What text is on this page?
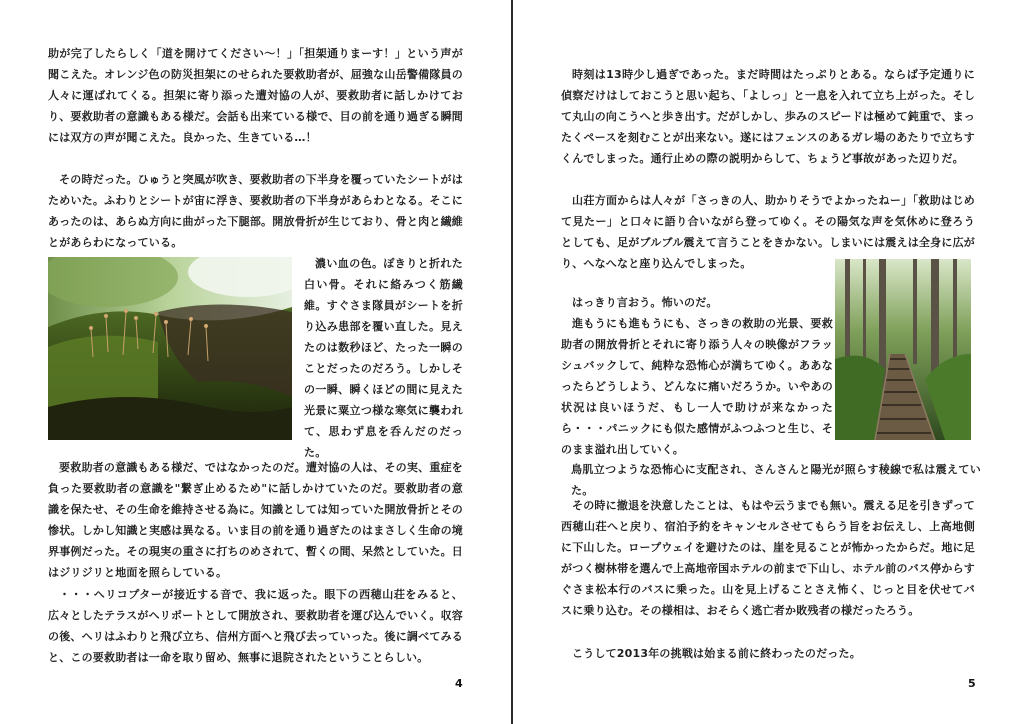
助が完了したらしく「道を開けてください〜！」「担架通りまーす！」という声が聞こえた。オレンジ色の防災担架にのせられた要救助者が、屈強な山岳警備隊員の人々に運ばれてくる。担架に寄り添った遭対協の人が、要救助者に話しかけており、要救助者の意識もある様だ。会話も出来ている様で、目の前を通り過ぎる瞬間には双方の声が聞こえた。良かった、生きている…！

その時だった。ひゅうと突風が吹き、要救助者の下半身を覆っていたシートがはためいた。ふわりとシートが宙に浮き、要救助者の下半身があらわとなる。そこにあったのは、あらぬ方向に曲がった下腿部。開放骨折が生じており、骨と肉と繊維とがあらわになっている。

濃い血の色。ぽきりと折れた白い骨。それに絡みつく筋繊維。すぐさま隊員がシートを折り込み患部を覆い直した。見えたのは数秒ほど、たった一瞬のことだったのだろう。しかしその一瞬、瞬くほどの間に見えた光景に粟立つ様な寒気に襲われて、思わず息を呑んだのだった。

要救助者の意識もある様だ、ではなかったのだ。遭対協の人は、その実、重症を負った要救助者の意識を"繋ぎ止めるため"に話しかけていたのだ。要救助者の意識を保たせ、その生命を維持させる為に。知識としては知っていた開放骨折とその惨状。しかし知識と実感は異なる。いま目の前を通り過ぎたのはまさしく生命の境界事例だった。その現実の重さに打ちのめされて、暫くの間、呆然としていた。日はジリジリと地面を照らしている。

・・・ヘリコプターが接近する音で、我に返った。眼下の西穂山荘をみると、広々としたテラスがヘリポートとして開放され、要救助者を運び込んでいく。収容の後、ヘリはふわりと飛び立ち、信州方面へと飛び去っていった。後に調べてみると、この要救助者は一命を取り留め、無事に退院されたということらしい。

4

時刻は13時少し過ぎであった。まだ時間はたっぷりとある。ならば予定通りに偵察だけはしておこうと思い起ち、「よしっ」と一息を入れて立ち上がった。そして丸山の向こうへと歩き出す。だがしかし、歩みのスピードは極めて鈍重で、まったくペースを刻むことが出来ない。遂にはフェンスのあるガレ場のあたりで立ちすくんでしまった。通行止めの際の説明からして、ちょうど事故があった辺りだ。

山荘方面からは人々が「さっきの人、助かりそうでよかったねー」「救助はじめて見たー」と口々に語り合いながら登ってゆく。その陽気な声を気休めに登ろうとしても、足がブルブル震えて言うことをきかない。しまいには震えは全身に広がり、へなへなと座り込んでしまった。

はっきり言おう。怖いのだ。

進もうにも進もうにも、さっきの救助の光景、要救助者の開放骨折とそれに寄り添う人々の映像がフラッシュバックして、純粋な恐怖心が満ちてゆく。ああなったらどうしよう、どんなに痛いだろうか。いやあの状況は良いほうだ、もし一人で助けが来なかったら・・・パニックにも似た感情がふつふつと生じ、そのまま溢れ出していく。

鳥肌立つような恐怖心に支配され、さんさんと陽光が照らす稜線で私は震えていた。

その時に撤退を決意したことは、もはや云うまでも無い。震える足を引きずって西穂山荘へと戻り、宿泊予約をキャンセルさせてもらう旨をお伝えし、上高地側に下山した。ロープウェイを避けたのは、崖を見ることが怖かったからだ。地に足がつく樹林帯を選んで上高地帝国ホテルの前まで下山し、ホテル前のバス停からすぐさま松本行のバスに乗った。山を見上げることさえ怖く、じっと目を伏せてバスに乗り込む。その様相は、おそらく逃亡者か敗残者の様だったろう。

こうして2013年の挑戦は始まる前に終わったのだった。

5
